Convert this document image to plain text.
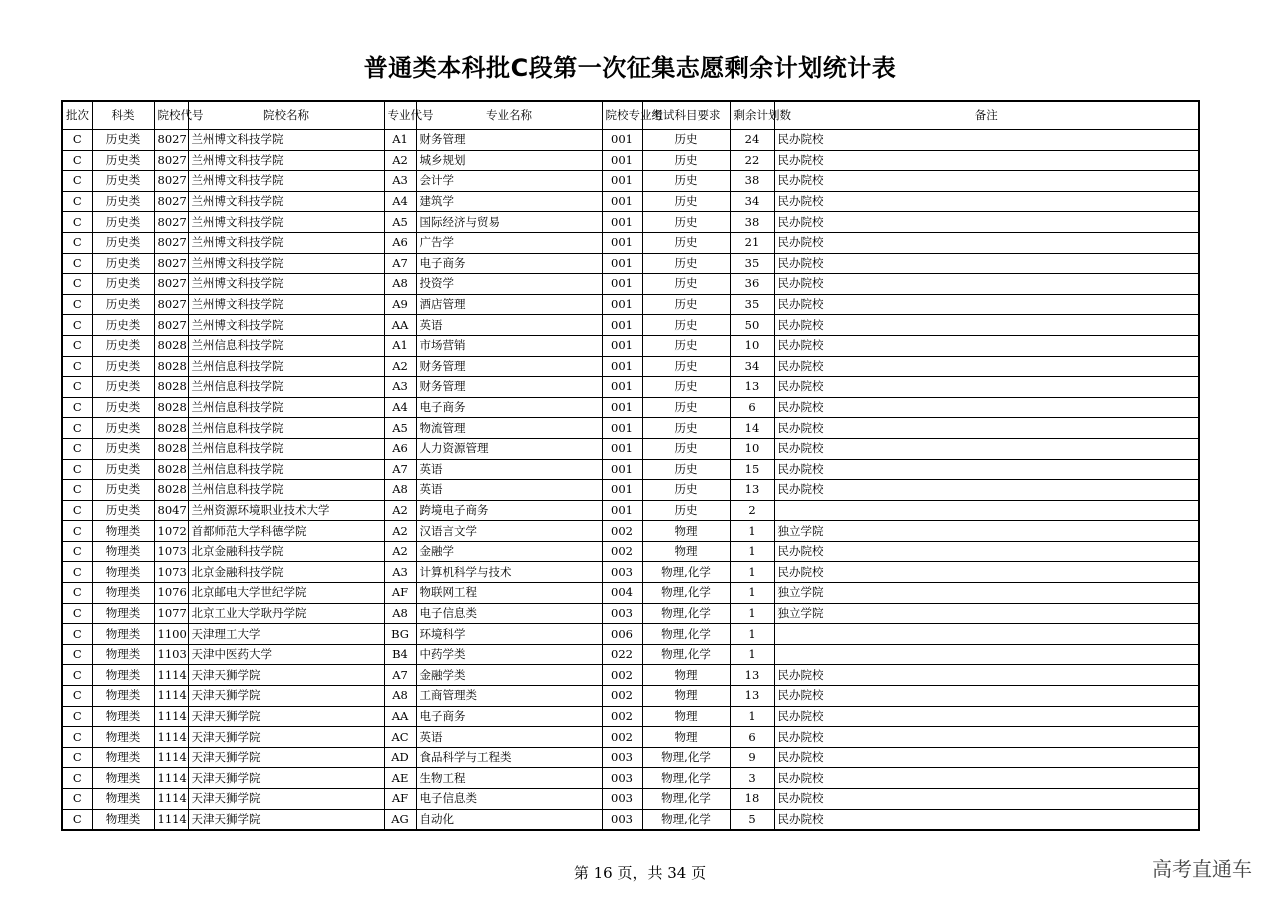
普通类本科批C段第一次征集志愿剩余计划统计表
批次	科类	院校代号	院校名称	专业代号	专业名称	院校专业组	考试科目要求	剩余计划数	备注
C	历史类	8027	兰州博文科技学院	A1	财务管理	001	历史	24	民办院校
C	历史类	8027	兰州博文科技学院	A2	城乡规划	001	历史	22	民办院校
C	历史类	8027	兰州博文科技学院	A3	会计学	001	历史	38	民办院校
C	历史类	8027	兰州博文科技学院	A4	建筑学	001	历史	34	民办院校
C	历史类	8027	兰州博文科技学院	A5	国际经济与贸易	001	历史	38	民办院校
C	历史类	8027	兰州博文科技学院	A6	广告学	001	历史	21	民办院校
C	历史类	8027	兰州博文科技学院	A7	电子商务	001	历史	35	民办院校
C	历史类	8027	兰州博文科技学院	A8	投资学	001	历史	36	民办院校
C	历史类	8027	兰州博文科技学院	A9	酒店管理	001	历史	35	民办院校
C	历史类	8027	兰州博文科技学院	AA	英语	001	历史	50	民办院校
C	历史类	8028	兰州信息科技学院	A1	市场营销	001	历史	10	民办院校
C	历史类	8028	兰州信息科技学院	A2	财务管理	001	历史	34	民办院校
C	历史类	8028	兰州信息科技学院	A3	财务管理	001	历史	13	民办院校
C	历史类	8028	兰州信息科技学院	A4	电子商务	001	历史	6	民办院校
C	历史类	8028	兰州信息科技学院	A5	物流管理	001	历史	14	民办院校
C	历史类	8028	兰州信息科技学院	A6	人力资源管理	001	历史	10	民办院校
C	历史类	8028	兰州信息科技学院	A7	英语	001	历史	15	民办院校
C	历史类	8028	兰州信息科技学院	A8	英语	001	历史	13	民办院校
C	历史类	8047	兰州资源环境职业技术大学	A2	跨境电子商务	001	历史	2	
C	物理类	1072	首都师范大学科德学院	A2	汉语言文学	002	物理	1	独立学院
C	物理类	1073	北京金融科技学院	A2	金融学	002	物理	1	民办院校
C	物理类	1073	北京金融科技学院	A3	计算机科学与技术	003	物理,化学	1	民办院校
C	物理类	1076	北京邮电大学世纪学院	AF	物联网工程	004	物理,化学	1	独立学院
C	物理类	1077	北京工业大学耿丹学院	A8	电子信息类	003	物理,化学	1	独立学院
C	物理类	1100	天津理工大学	BG	环境科学	006	物理,化学	1	
C	物理类	1103	天津中医药大学	B4	中药学类	022	物理,化学	1	
C	物理类	1114	天津天狮学院	A7	金融学类	002	物理	13	民办院校
C	物理类	1114	天津天狮学院	A8	工商管理类	002	物理	13	民办院校
C	物理类	1114	天津天狮学院	AA	电子商务	002	物理	1	民办院校
C	物理类	1114	天津天狮学院	AC	英语	002	物理	6	民办院校
C	物理类	1114	天津天狮学院	AD	食品科学与工程类	003	物理,化学	9	民办院校
C	物理类	1114	天津天狮学院	AE	生物工程	003	物理,化学	3	民办院校
C	物理类	1114	天津天狮学院	AF	电子信息类	003	物理,化学	18	民办院校
C	物理类	1114	天津天狮学院	AG	自动化	003	物理,化学	5	民办院校
第 16 页，共 34 页	高考直通车
